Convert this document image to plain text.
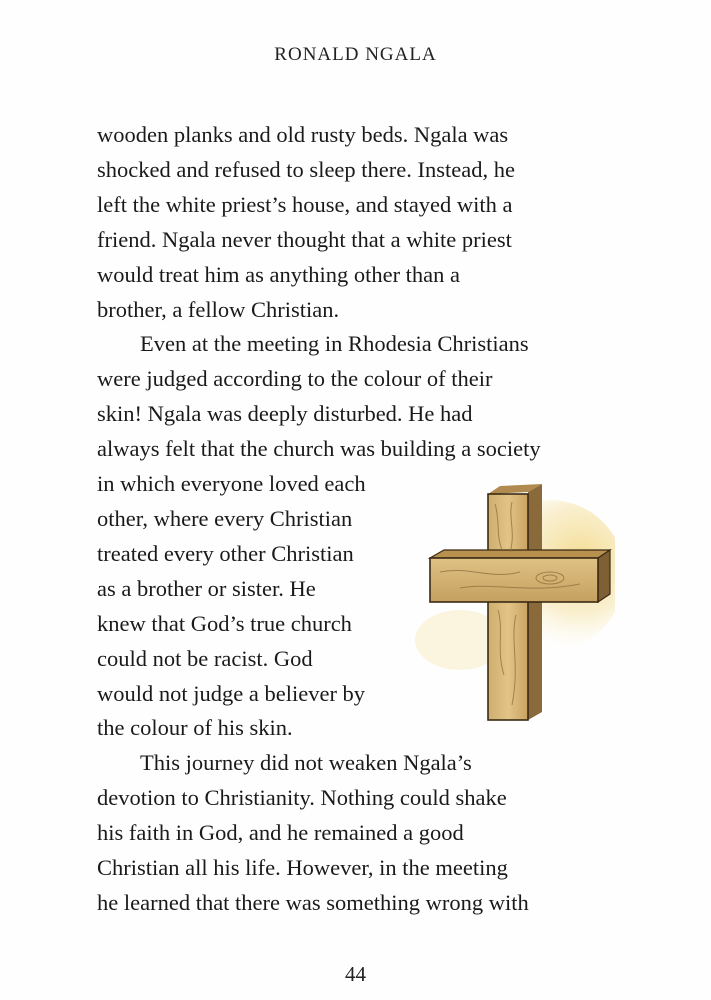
RONALD NGALA
wooden planks and old rusty beds. Ngala was
shocked and refused to sleep there. Instead, he
left the white priest’s house, and stayed with a
friend. Ngala never thought that a white priest
would treat him as anything other than a
brother, a fellow Christian.
Even at the meeting in Rhodesia Christians
were judged according to the colour of their
skin! Ngala was deeply disturbed. He had
always felt that the church was building a society
in which everyone loved each
other, where every Christian
treated every other Christian
as a brother or sister. He
knew that God’s true church
could not be racist. God
would not judge a believer by
the colour of his skin.
This journey did not weaken Ngala’s
devotion to Christianity. Nothing could shake
his faith in God, and he remained a good
Christian all his life. However, in the meeting
he learned that there was something wrong with
44
